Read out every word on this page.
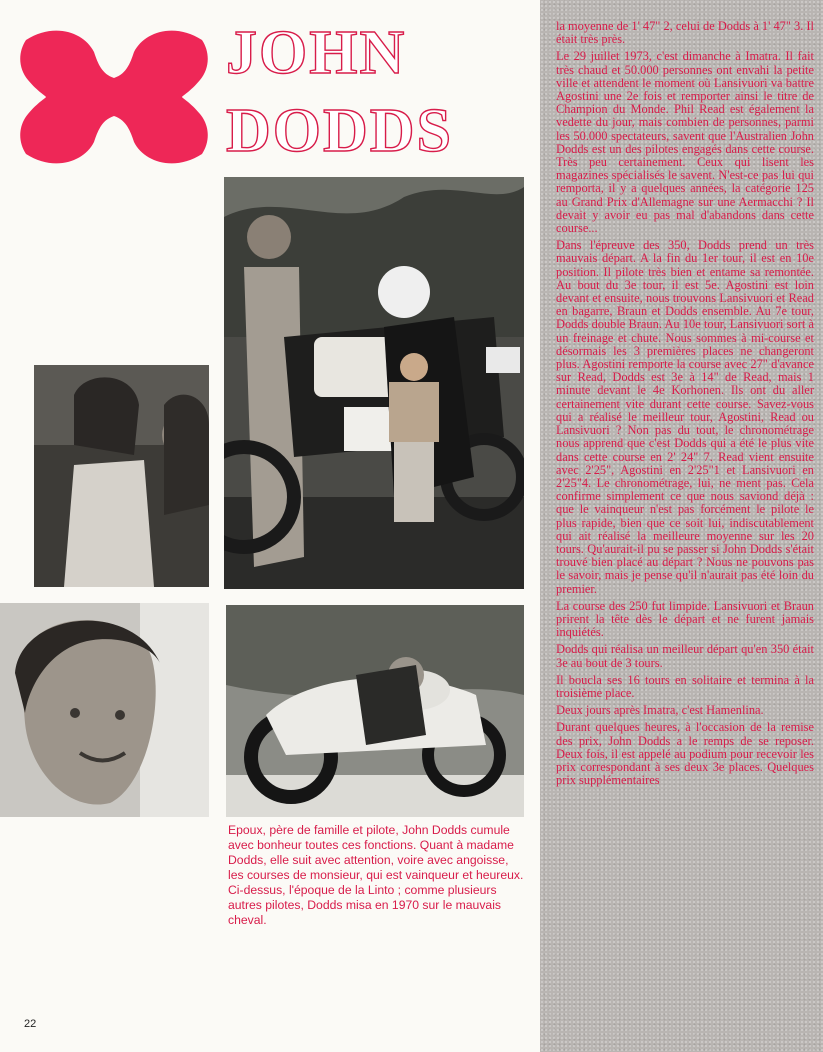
JOHN
DODDS

Epoux, père de famille et pilote, John Dodds cumule avec bonheur toutes ces fonctions. Quant à madame Dodds, elle suit avec attention, voire avec angoisse, les courses de monsieur, qui est vainqueur et heureux.

Ci-dessus, l'époque de la Linto ; comme plusieurs autres pilotes, Dodds misa en 1970 sur le mauvais cheval.

22

la moyenne de 1' 47" 2, celui de Dodds à 1' 47" 3. Il était très près.

Le 29 juillet 1973, c'est dimanche à Imatra. Il fait très chaud et 50.000 personnes ont envahi la petite ville et attendent le moment où Lansivuori va battre Agostini une 2e fois et remporter ainsi le titre de Champion du Monde. Phil Read est également la vedette du jour, mais combien de personnes, parmi les 50.000 spectateurs, savent que l'Australien John Dodds est un des pilotes engagés dans cette course. Très peu certainement. Ceux qui lisent les magazines spécialisés le savent. N'est-ce pas lui qui remporta, il y a quelques années, la catégorie 125 au Grand Prix d'Allemagne sur une Aermacchi ? Il devait y avoir eu pas mal d'abandons dans cette course...

Dans l'épreuve des 350, Dodds prend un très mauvais départ. A la fin du 1er tour, il est en 10e position. Il pilote très bien et entame sa remontée. Au bout du 3e tour, il est 5e. Agostini est loin devant et ensuite, nous trouvons Lansivuori et Read en bagarre, Braun et Dodds ensemble. Au 7e tour, Dodds double Braun. Au 10e tour, Lansivuori sort à un freinage et chute. Nous sommes à mi-course et désormais les 3 premières places ne changeront plus. Agostini remporte la course avec 27" d'avance sur Read, Dodds est 3e à 14" de Read, mais 1 minute devant le 4e Korhonen. Ils ont du aller certainement vite durant cette course. Savez-vous qui a réalisé le meilleur tour, Agostini, Read ou Lansivuori ? Non pas du tout, le chronométrage nous apprend que c'est Dodds qui a été le plus vite dans cette course en 2' 24" 7. Read vient ensuite avec 2'25", Agostini en 2'25"1 et Lansivuori en 2'25"4. Le chronométrage, lui, ne ment pas. Cela confirme simplement ce que nous saviond déjà : que le vainqueur n'est pas forcément le pilote le plus rapide, bien que ce soit lui, indiscutablement qui ait réalisé la meilleure moyenne sur les 20 tours. Qu'aurait-il pu se passer si John Dodds s'était trouvé bien placé au départ ? Nous ne pouvons pas le savoir, mais je pense qu'il n'aurait pas été loin du premier.

La course des 250 fut limpide. Lansivuori et Braun prirent la tête dès le départ et ne furent jamais inquiétés.

Dodds qui réalisa un meilleur départ qu'en 350 était 3e au bout de 3 tours.

Il boucla ses 16 tours en solitaire et termina à la troisième place.

Deux jours après Imatra, c'est Hamenlina.

Durant quelques heures, à l'occasion de la remise des prix, John Dodds a le remps de se reposer. Deux fois, il est appelé au podium pour recevoir les prix correspondant à ses deux 3e places. Quelques prix supplémentaires
